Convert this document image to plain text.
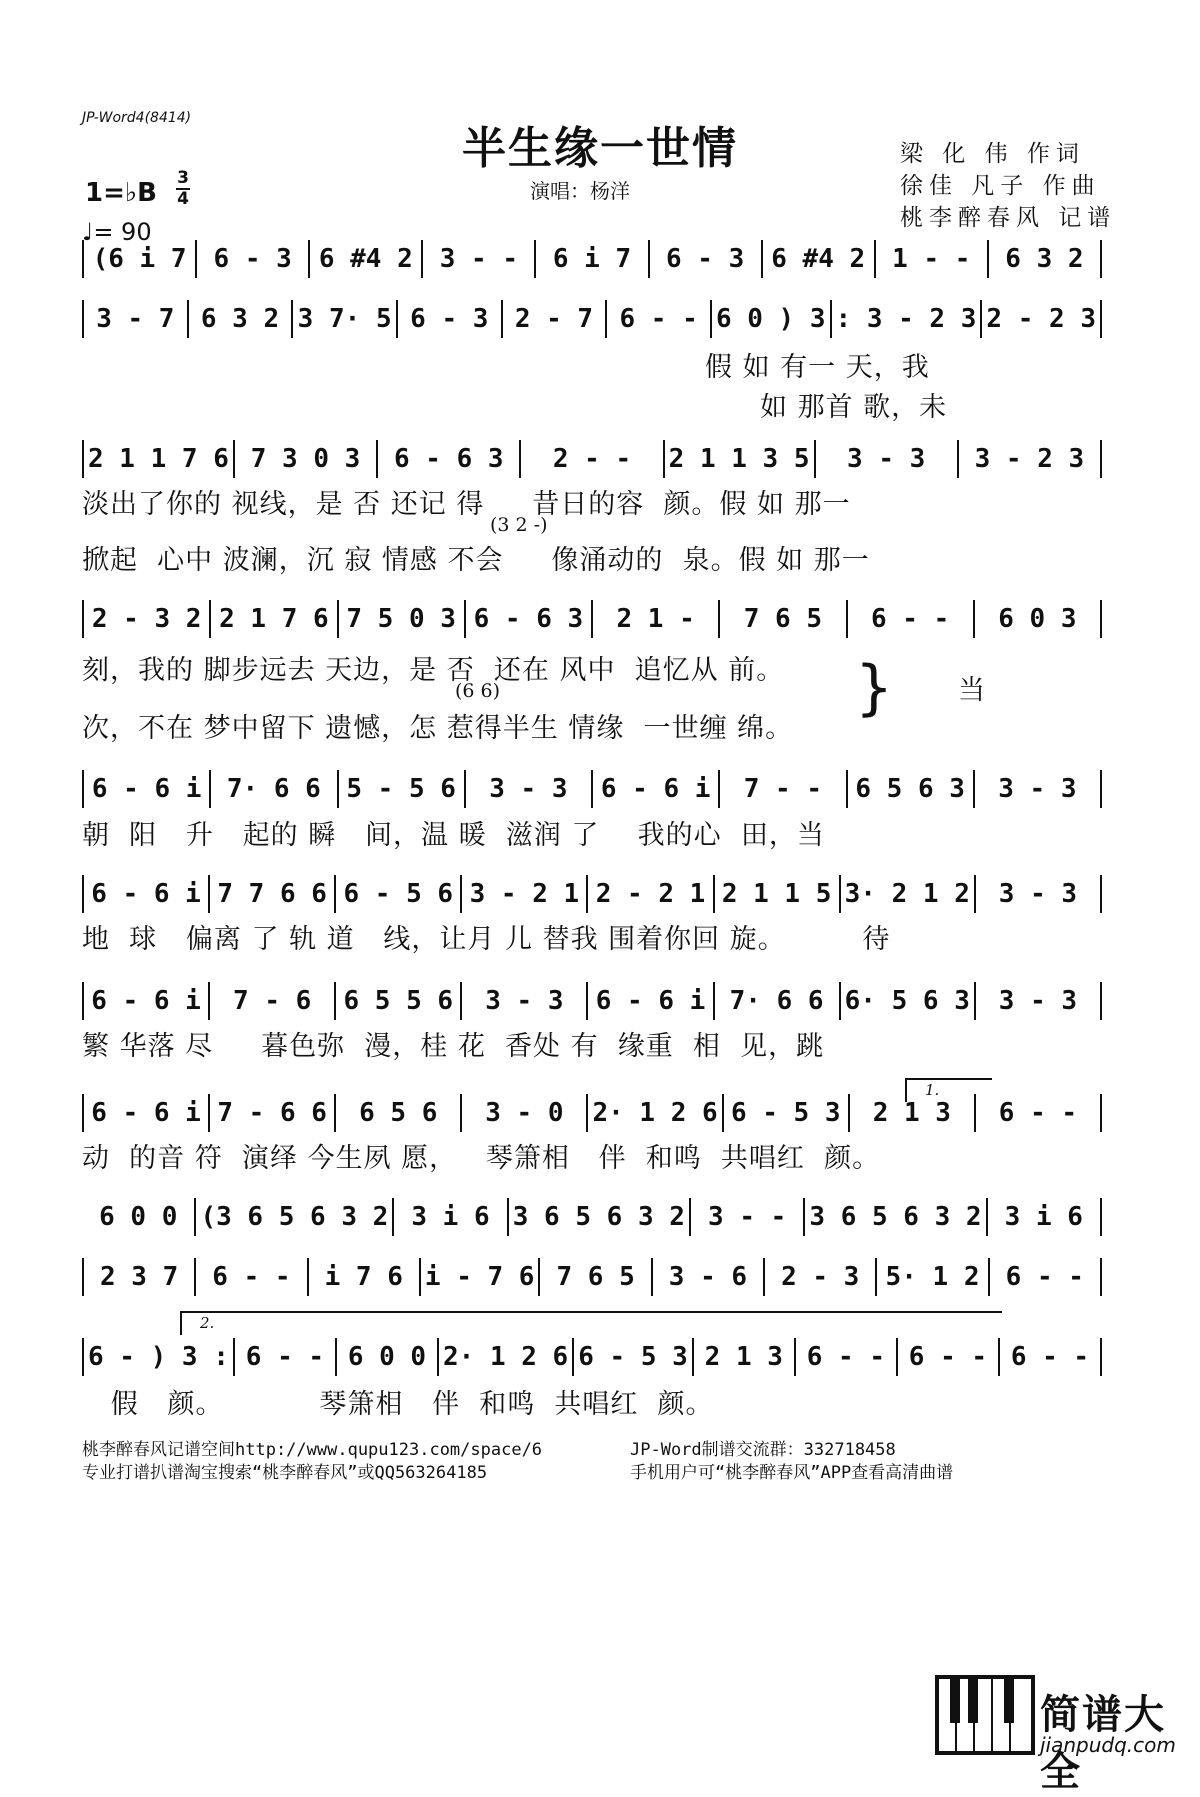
JP-Word4(8414)
半生缘一世情
演唱：杨洋
梁 化 伟 作词
徐佳 凡子 作曲
桃李醉春风 记谱
1=♭B 3
4
♩= 90
(6 i 7 6 - 3 6 #4 2 3 - - 6 i 7 6 - 3 6 #4 2 1 - - 6 3 2
3 - 7 6 3 2 3 7· 5 6 - 3 2 - 7 6 - - 6 0 ) 3 : 3 - 2 3 2 - 2 3
2 1 1 7 6 7 3 0 3 6 - 6 3 2 - - 2 1 1 3 5 3 - 3 3 - 2 3
2 - 3 2 2 1 7 6 7 5 0 3 6 - 6 3 2 1 - 7 6 5 6 - - 6 0 3
6 - 6 i 7· 6 6 5 - 5 6 3 - 3 6 - 6 i 7 - - 6 5 6 3 3 - 3
6 - 6 i 7 7 6 6 6 - 5 6 3 - 2 1 2 - 2 1 2 1 1 5 3· 2 1 2 3 - 3
6 - 6 i 7 - 6 6 5 5 6 3 - 3 6 - 6 i 7· 6 6 6· 5 6 3 3 - 3
6 - 6 i 7 - 6 6 6 5 6 3 - 0 2· 1 2 6 6 - 5 3 2 1 3 6 - -
6 0 0 (3 6 5 6 3 2 3 i 6 3 6 5 6 3 2 3 - - 3 6 5 6 3 2 3 i 6
2 3 7 6 - - i 7 6 i - 7 6 7 6 5 3 - 6 2 - 3 5· 1 2 6 - -
6 - ) 3 : 6 - - 6 0 0 2· 1 2 6 6 - 5 3 2 1 3 6 - - 6 - - 6 - -
假 如 有一 天，我
如 那首 歌，未
淡出了你的 视线，是 否 还记 得     昔日的容  颜。假 如 那一
(3 2 -)
掀起  心中 波澜，沉 寂 情感 不会     像涌动的  泉。假 如 那一
刻，我的 脚步远去 天边，是 否  还在 风中  追忆从 前。
(6 6)	当
}
次，不在 梦中留下 遗憾，怎 惹得半生 情缘  一世缠 绵。
朝  阳   升   起的 瞬   间，温 暖  滋润 了    我的心  田，当
地  球   偏离 了 轨 道   线，让月 儿 替我 围着你回 旋。        待
繁 华落 尽     暮色弥  漫，桂 花  香处 有  缘重  相  见，跳
动  的音 符  演绎 今生夙 愿，   琴箫相   伴  和鸣  共唱红  颜。
假   颜。          琴箫相   伴  和鸣  共唱红  颜。
1.
2.
桃李醉春风记谱空间http://www.qupu123.com/space/6
专业打谱扒谱淘宝搜索“桃李醉春风”或QQ563264185
JP-Word制谱交流群：332718458
手机用户可“桃李醉春风”APP查看高清曲谱
简谱大全
jianpudq.com
